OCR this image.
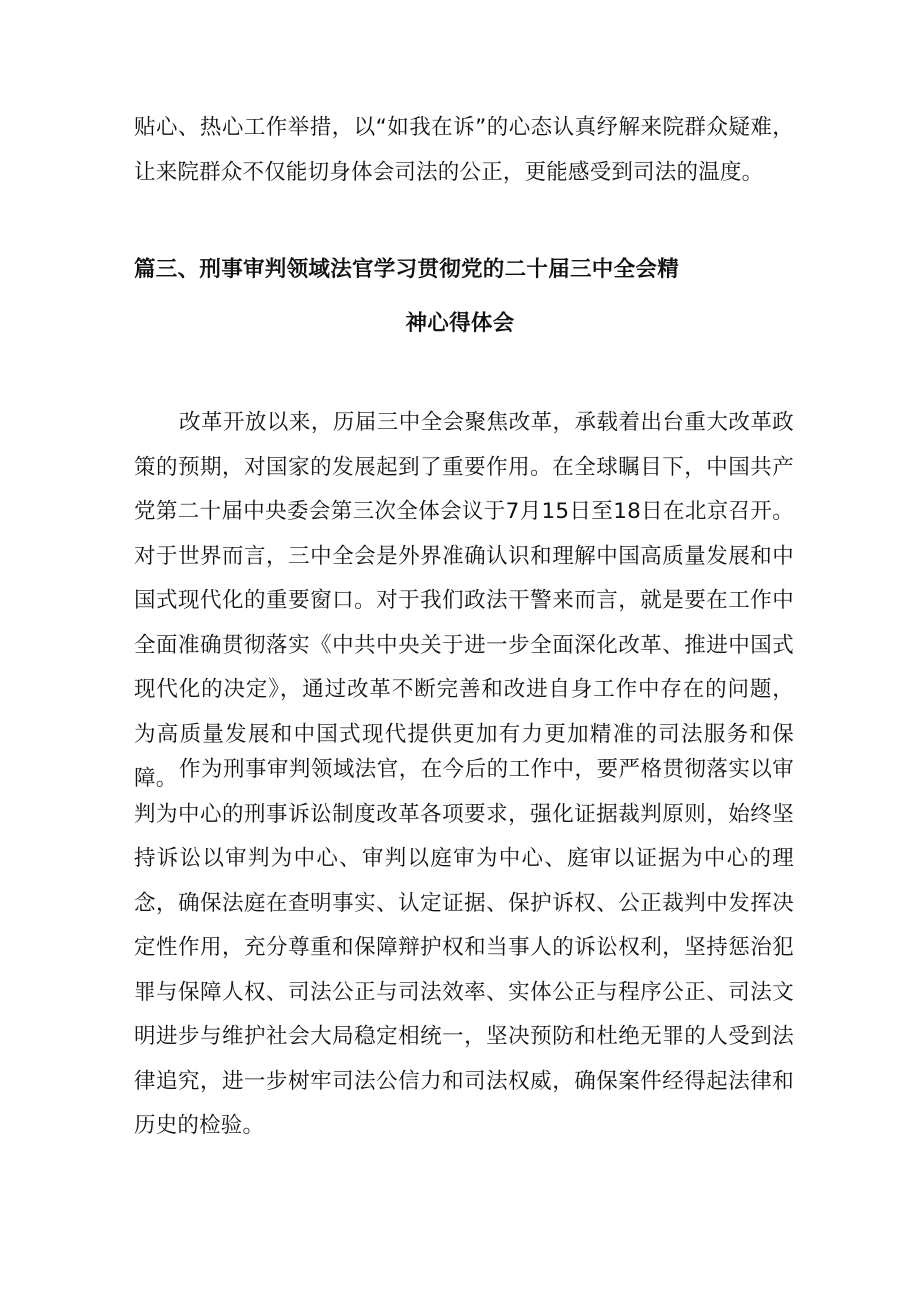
贴心、热心工作举措，以“如我在诉”的心态认真纾解来院群众疑难，让来院群众不仅能切身体会司法的公正，更能感受到司法的温度。

篇三、刑事审判领域法官学习贯彻党的二十届三中全会精
神心得体会

改革开放以来，历届三中全会聚焦改革，承载着出台重大改革政策的预期，对国家的发展起到了重要作用。在全球瞩目下，中国共产党第二十届中央委会第三次全体会议于7月15日至18日在北京召开。对于世界而言，三中全会是外界准确认识和理解中国高质量发展和中国式现代化的重要窗口。对于我们政法干警来而言，就是要在工作中全面准确贯彻落实《中共中央关于进一步全面深化改革、推进中国式现代化的决定》，通过改革不断完善和改进自身工作中存在的问题，为高质量发展和中国式现代提供更加有力更加精准的司法服务和保障。 作为刑事审判领域法官，在今后的工作中，要严格贯彻落实以审判为中心的刑事诉讼制度改革各项要求，强化证据裁判原则，始终坚持诉讼以审判为中心、审判以庭审为中心、庭审以证据为中心的理念，确保法庭在查明事实、认定证据、保护诉权、公正裁判中发挥决定性作用，充分尊重和保障辩护权和当事人的诉讼权利，坚持惩治犯罪与保障人权、司法公正与司法效率、实体公正与程序公正、司法文明进步与维护社会大局稳定相统一，坚决预防和杜绝无罪的人受到法律追究，进一步树牢司法公信力和司法权威，确保案件经得起法律和历史的检验。
